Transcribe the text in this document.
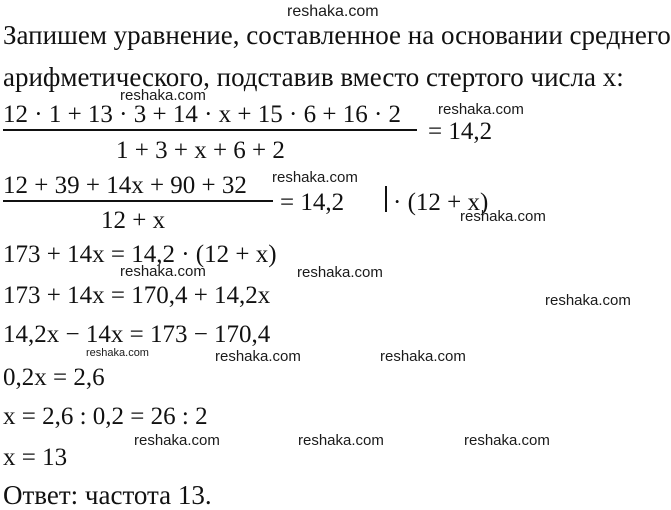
reshaka.com
Запишем уравнение, составленное на основании среднего
арифметического, подставив вместо стертого числа x:
12 · 1 + 13 · 3 + 14 · x + 15 · 6 + 16 · 2
1 + 3 + x + 6 + 2
= 14,2
12 + 39 + 14x + 90 + 32
12 + x
= 14,2 · (12 + x)
173 + 14x = 14,2 · (12 + x)
173 + 14x = 170,4 + 14,2x
14,2x − 14x = 173 − 170,4
0,2x = 2,6
x = 2,6 : 0,2 = 26 : 2
x = 13
Ответ: частота 13.
reshaka.com
reshaka.com
reshaka.com
reshaka.com
reshaka.com	reshaka.com
reshaka.com
reshaka.com	reshaka.com	reshaka.com
reshaka.com	reshaka.com	reshaka.com
